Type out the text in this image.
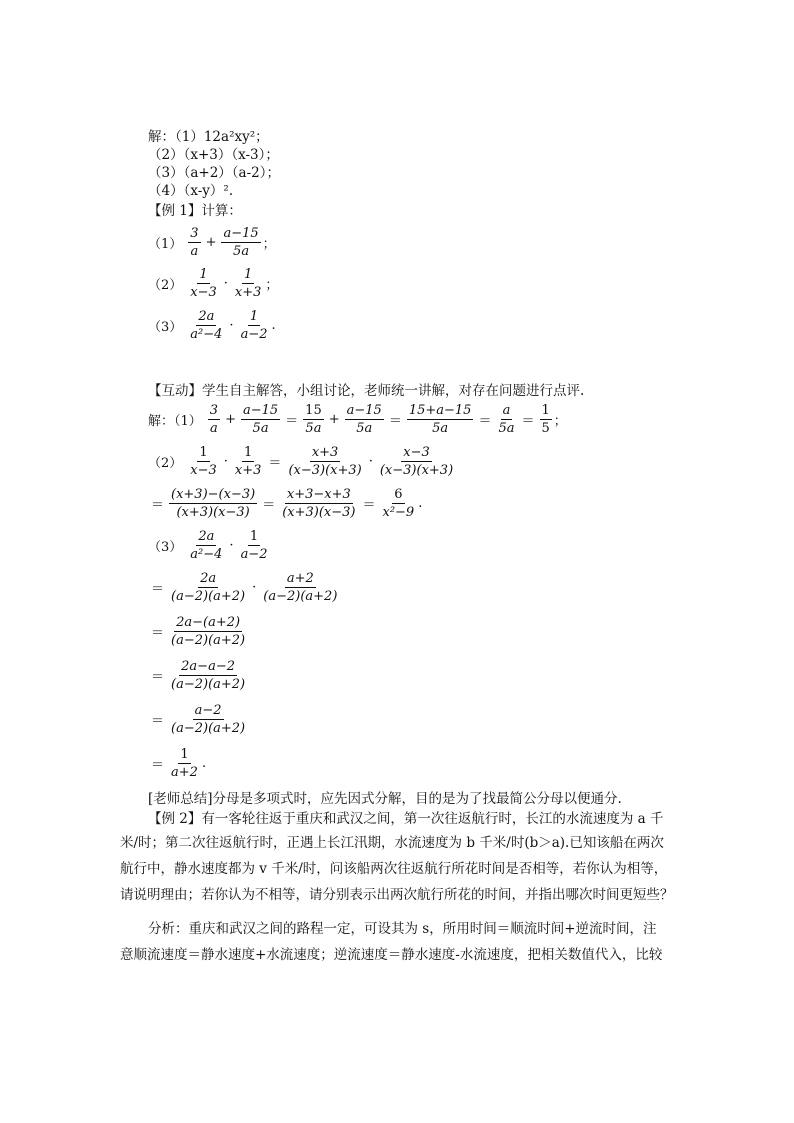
解：（1）12a²xy²；
（2）（x+3）（x-3）；
（3）（a+2）（a-2）；
（4）（x-y）².
【例 1】计算：
$(1) \frac{3}{a} + \frac{a-15}{5a}$ ；
$(2) \frac{1}{x-3} \cdot \frac{1}{x+3}$ ；
$(3) \frac{2a}{\text{a²−4}} \cdot \frac{1}{a-2}$ .
【互动】学生自主解答，小组讨论，老师统一讲解，对存在问题进行点评.
解：$(1) \frac{3}{a} + \frac{a-15}{5a} = \frac{15}{5a} + \frac{a-15}{5a} = \frac{15+a-15}{5a} = \frac{a}{5a} = \frac{1}{5}$ ；
$(2) \frac{1}{x-3} \cdot \frac{1}{x+3} = \frac{x+3}{(x-3)(x+3)} \cdot \frac{x-3}{(x-3)(x+3)}$
＝ $\frac{(x+3)-(x-3)}{(x+3)(x-3)} = \frac{x+3-x+3}{(x+3)(x-3)} = \frac{6}{\text{x²−9}}$ .
$(3) \frac{2a}{\text{a²−4}} \cdot \frac{1}{a-2}$
＝ $\frac{2a}{(a-2)(a+2)} \cdot \frac{a+2}{(a-2)(a+2)}$
＝ $\frac{2a-(a+2)}{(a-2)(a+2)}$
＝ $\frac{2a-a-2}{(a-2)(a+2)}$
＝ $\frac{a-2}{(a-2)(a+2)}$
＝ $\frac{1}{a+2}$ .
[老师总结]分母是多项式时，应先因式分解，目的是为了找最简公分母以便通分.
【例 2】有一客轮往返于重庆和武汉之间，第一次往返航行时，长江的水流速度为 a 千
米/时；第二次往返航行时，正遇上长江汛期，水流速度为 b 千米/时(b＞a).已知该船在两次
航行中，静水速度都为 v 千米/时，问该船两次往返航行所花时间是否相等，若你认为相等，
请说明理由；若你认为不相等，请分别表示出两次航行所花的时间，并指出哪次时间更短些？
分析：重庆和武汉之间的路程一定，可设其为 s，所用时间＝顺流时间+逆流时间，注
意顺流速度＝静水速度+水流速度；逆流速度＝静水速度-水流速度，把相关数值代入，比较
